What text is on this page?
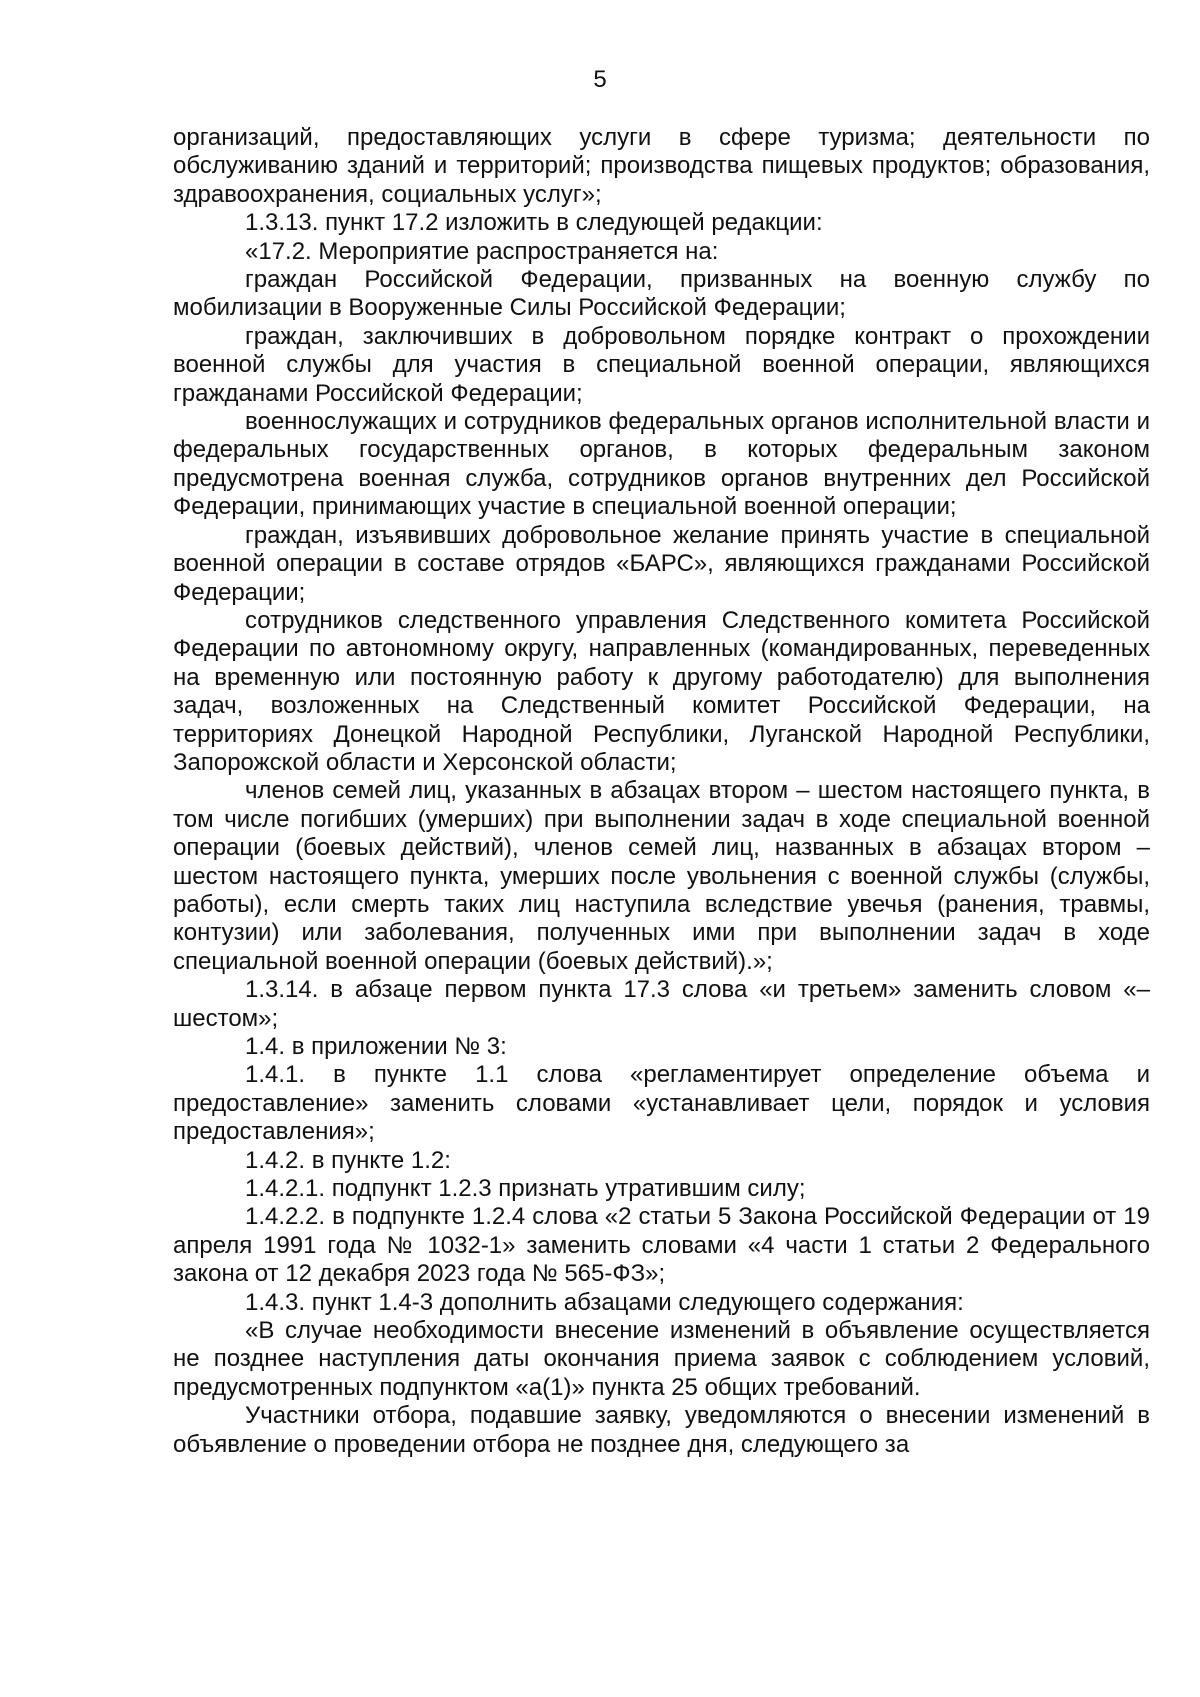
5

организаций, предоставляющих услуги в сфере туризма; деятельности по обслуживанию зданий и территорий; производства пищевых продуктов; образования, здравоохранения, социальных услуг»;

1.3.13. пункт 17.2 изложить в следующей редакции:

«17.2. Мероприятие распространяется на:

граждан Российской Федерации, призванных на военную службу по мобилизации в Вооруженные Силы Российской Федерации;

граждан, заключивших в добровольном порядке контракт о прохождении военной службы для участия в специальной военной операции, являющихся гражданами Российской Федерации;

военнослужащих и сотрудников федеральных органов исполнительной власти и федеральных государственных органов, в которых федеральным законом предусмотрена военная служба, сотрудников органов внутренних дел Российской Федерации, принимающих участие в специальной военной операции;

граждан, изъявивших добровольное желание принять участие в специальной военной операции в составе отрядов «БАРС», являющихся гражданами Российской Федерации;

сотрудников следственного управления Следственного комитета Российской Федерации по автономному округу, направленных (командированных, переведенных на временную или постоянную работу к другому работодателю) для выполнения задач, возложенных на Следственный комитет Российской Федерации, на территориях Донецкой Народной Республики, Луганской Народной Республики, Запорожской области и Херсонской области;

членов семей лиц, указанных в абзацах втором – шестом настоящего пункта, в том числе погибших (умерших) при выполнении задач в ходе специальной военной операции (боевых действий), членов семей лиц, названных в абзацах втором – шестом настоящего пункта, умерших после увольнения с военной службы (службы, работы), если смерть таких лиц наступила вследствие увечья (ранения, травмы, контузии) или заболевания, полученных ими при выполнении задач в ходе специальной военной операции (боевых действий).»;

1.3.14. в абзаце первом пункта 17.3 слова «и третьем» заменить словом «– шестом»;

1.4. в приложении № 3:

1.4.1. в пункте 1.1 слова «регламентирует определение объема и предоставление» заменить словами «устанавливает цели, порядок и условия предоставления»;

1.4.2. в пункте 1.2:

1.4.2.1. подпункт 1.2.3 признать утратившим силу;

1.4.2.2. в подпункте 1.2.4 слова «2 статьи 5 Закона Российской Федерации от 19 апреля 1991 года № 1032-1» заменить словами «4 части 1 статьи 2 Федерального закона от 12 декабря 2023 года № 565-ФЗ»;

1.4.3. пункт 1.4-3 дополнить абзацами следующего содержания:

«В случае необходимости внесение изменений в объявление осуществляется не позднее наступления даты окончания приема заявок с соблюдением условий, предусмотренных подпунктом «а(1)» пункта 25 общих требований.

Участники отбора, подавшие заявку, уведомляются о внесении изменений в объявление о проведении отбора не позднее дня, следующего за
